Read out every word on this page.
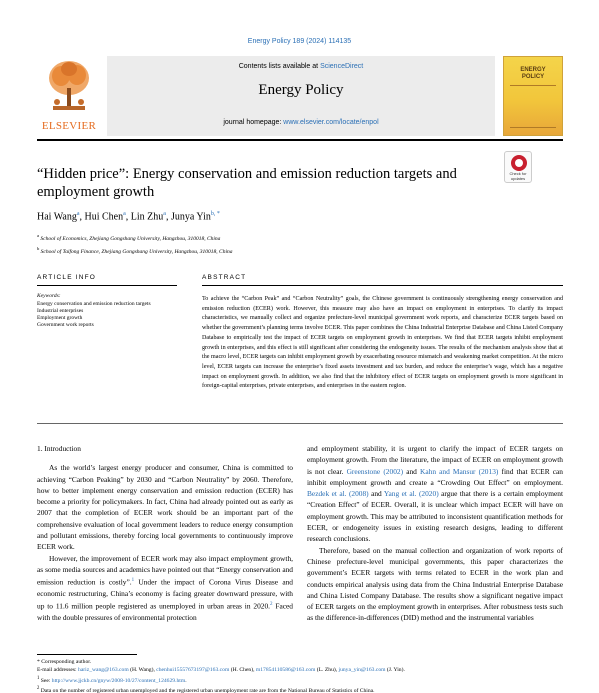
Energy Policy 189 (2024) 114135
ELSEVIER
Contents lists available at ScienceDirect
Energy Policy
journal homepage: www.elsevier.com/locate/enpol
ENERGY
POLICY
“Hidden price”: Energy conservation and emission reduction targets and employment growth
Check for
updates
Hai Wang$^a$, Hui Chen$^a$, Lin Zhu$^a$, Junya Yin$^{b, *}$
$^a$ School of Economics, Zhejiang Gongshang University, Hangzhou, 310018, China
$^b$ School of Taifong Finance, Zhejiang Gongshang University, Hangzhou, 310018, China
ARTICLE INFO	ABSTRACT
Keywords:
Energy conservation and emission reduction targets
Industrial enterprises
Employment growth
Government work reports
To achieve the “Carbon Peak” and “Carbon Neutrality” goals, the Chinese government is continuously strengthening energy conservation and emission reduction (ECER) work. However, this measure may also have an impact on employment in enterprises. To clarify its impact characteristics, we manually collect and organize prefecture-level municipal government work reports, and characterize ECER targets based on whether the government’s planning terms involve ECER. This paper combines the China Industrial Enterprise Database and China Listed Company Database to empirically test the impact of ECER targets on employment growth in enterprises. We find that ECER targets inhibit employment growth in enterprises, and this effect is still significant after considering the endogeneity issues. The results of the mechanism analysis show that at the macro level, ECER targets can inhibit employment growth by exacerbating resource mismatch and weakening market competition. At the micro level, ECER targets can increase the enterprise’s fixed assets investment and tax burden, and reduce the enterprise’s wage, which has a negative impact on employment growth. In addition, we also find that the inhibitory effect of ECER targets on employment growth is more significant in foreign-capital enterprises, private enterprises, and enterprises in the eastern region.
1. Introduction

As the world’s largest energy producer and consumer, China is committed to achieving “Carbon Peaking” by 2030 and “Carbon Neutrality” by 2060. Therefore, how to better implement energy conservation and emission reduction (ECER) has become a priority for policymakers. In fact, China had already pointed out as early as 2007 that the completion of ECER work should be an important part of the comprehensive evaluation of local government leaders to reduce energy consumption and pollutant emissions, thereby forcing local governments to continuously improve ECER work.

However, the improvement of ECER work may also impact employment growth, as some media sources and academics have pointed out that “Energy conservation and emission reduction is costly”.$^1$ Under the impact of Corona Virus Disease and economic restructuring, China’s economy is facing greater downward pressure, with up to 11.6 million people registered as unemployed in urban areas in 2020.$^2$ Faced with the double pressures of environmental protection

and employment stability, it is urgent to clarify the impact of ECER targets on employment growth. From the literature, the impact of ECER on employment growth is not clear. Greenstone (2002) and Kahn and Mansur (2013) find that ECER can inhibit employment growth and create a “Crowding Out Effect” on employment. Bezdek et al. (2008) and Yang et al. (2020) argue that there is a certain employment “Creation Effect” of ECER. Overall, it is unclear which impact ECER will have on employment growth. This may be attributed to inconsistent quantification methods for ECER, or endogeneity issues in existing research designs, leading to different research conclusions.

Therefore, based on the manual collection and organization of work reports of Chinese prefecture-level municipal governments, this paper characterizes the government’s ECER targets with terms related to ECER in the work plan and conducts empirical analysis using data from the China Industrial Enterprise Database and China Listed Company Database. The results show a significant negative impact of ECER targets on the employment growth in enterprises. After robustness tests such as the difference-in-differences (DID) method and the instrumental variables

* Corresponding author.
E-mail addresses: hariz_wang@163.com (H. Wang), chenhui15557673197@163.com (H. Chen), m17854110586@163.com (L. Zhu), junya_yin@163.com (J. Yin).
$^1$ See: http://www.jjckb.cn/gnyw/2008-10/27/content_124629.htm.
$^2$ Data on the number of registered urban unemployed and the registered urban unemployment rate are from the National Bureau of Statistics of China.
